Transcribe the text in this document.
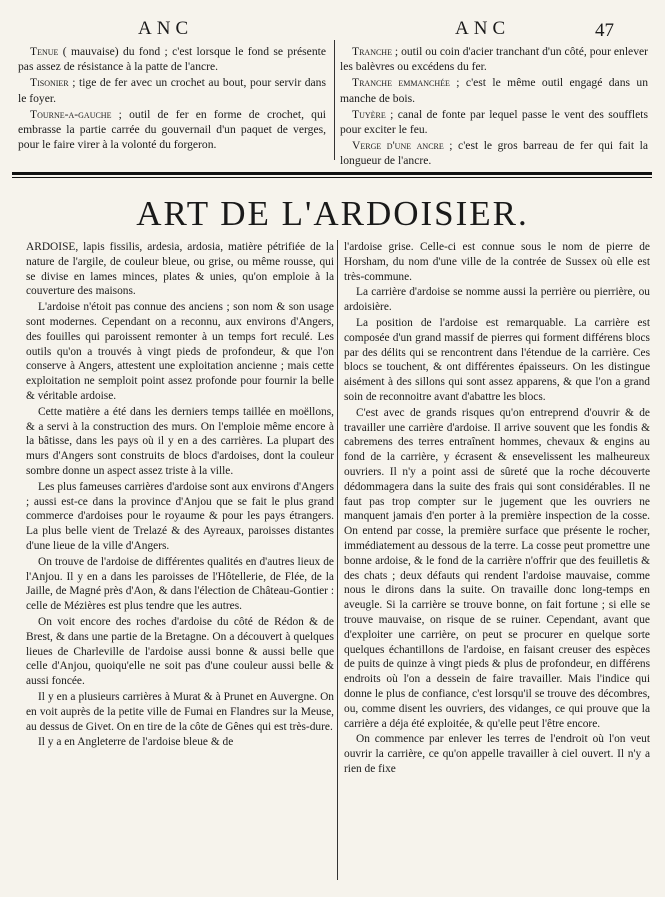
ANC	ANC	47

Tenue ( mauvaise) du fond ; c'est lorsque le fond se présente pas assez de résistance à la patte de l'ancre.

Tisonier ; tige de fer avec un crochet au bout, pour servir dans le foyer.

Tourne-a-gauche ; outil de fer en forme de crochet, qui embrasse la partie carrée du gouvernail d'un paquet de verges, pour le faire virer à la volonté du forgeron.

Tranche ; outil ou coin d'acier tranchant d'un côté, pour enlever les balèvres ou excédens du fer.

Tranche emmanchée ; c'est le même outil engagé dans un manche de bois.

Tuyère ; canal de fonte par lequel passe le vent des soufflets pour exciter le feu.

Verge d'une ancre ; c'est le gros barreau de fer qui fait la longueur de l'ancre.

ART DE L'ARDOISIER.

ARDOISE, lapis fissilis, ardesia, ardosia, matière pétrifiée de la nature de l'argile, de couleur bleue, ou grise, ou même rousse, qui se divise en lames minces, plates & unies, qu'on emploie à la couverture des maisons.

L'ardoise n'étoit pas connue des anciens ; son nom & son usage sont modernes. Cependant on a reconnu, aux environs d'Angers, des fouilles qui paroissent remonter à un temps fort reculé. Les outils qu'on a trouvés à vingt pieds de profondeur, & que l'on conserve à Angers, attestent une exploitation ancienne ; mais cette exploitation ne semploit point assez profonde pour fournir la belle & véritable ardoise.

Cette matière a été dans les derniers temps taillée en moëllons, & a servi à la construction des murs. On l'emploie même encore à la bâtisse, dans les pays où il y en a des carrières. La plupart des murs d'Angers sont construits de blocs d'ardoises, dont la couleur sombre donne un aspect assez triste à la ville.

Les plus fameuses carrières d'ardoise sont aux environs d'Angers ; aussi est-ce dans la province d'Anjou que se fait le plus grand commerce d'ardoises pour le royaume & pour les pays étrangers. La plus belle vient de Trelazé & des Ayreaux, paroisses distantes d'une lieue de la ville d'Angers.

On trouve de l'ardoise de différentes qualités en d'autres lieux de l'Anjou. Il y en a dans les paroisses de l'Hôtellerie, de Flée, de la Jaille, de Magné près d'Aon, & dans l'élection de Château-Gontier : celle de Mézières est plus tendre que les autres.

On voit encore des roches d'ardoise du côté de Rédon & de Brest, & dans une partie de la Bretagne. On a découvert à quelques lieues de Charleville de l'ardoise aussi bonne & aussi belle que celle d'Anjou, quoiqu'elle ne soit pas d'une couleur aussi belle & aussi foncée.

Il y en a plusieurs carrières à Murat & à Prunet en Auvergne. On en voit auprès de la petite ville de Fumai en Flandres sur la Meuse, au dessus de Givet. On en tire de la côte de Gênes qui est très-dure.

Il y a en Angleterre de l'ardoise bleue & de

l'ardoise grise. Celle-ci est connue sous le nom de pierre de Horsham, du nom d'une ville de la contrée de Sussex où elle est très-commune.

La carrière d'ardoise se nomme aussi la perrière ou pierrière, ou ardoisière.

La position de l'ardoise est remarquable. La carrière est composée d'un grand massif de pierres qui forment différens blocs par des délits qui se rencontrent dans l'étendue de la carrière. Ces blocs se touchent, & ont différentes épaisseurs. On les distingue aisément à des sillons qui sont assez apparens, & que l'on a grand soin de reconnoitre avant d'abattre les blocs.

C'est avec de grands risques qu'on entreprend d'ouvrir & de travailler une carrière d'ardoise. Il arrive souvent que les fondis & cabremens des terres entraînent hommes, chevaux & engins au fond de la carrière, y écrasent & ensevelissent les malheureux ouvriers. Il n'y a point assi de sûreté que la roche découverte dédommagera dans la suite des frais qui sont considérables. Il ne faut pas trop compter sur le jugement que les ouvriers ne manquent jamais d'en porter à la première inspection de la cosse. On entend par cosse, la première surface que présente le rocher, immédiatement au dessous de la terre. La cosse peut promettre une bonne ardoise, & le fond de la carrière n'offrir que des feuilletis & des chats ; deux défauts qui rendent l'ardoise mauvaise, comme nous le dirons dans la suite. On travaille donc long-temps en aveugle. Si la carrière se trouve bonne, on fait fortune ; si elle se trouve mauvaise, on risque de se ruiner. Cependant, avant que d'exploiter une carrière, on peut se procurer en quelque sorte quelques échantillons de l'ardoise, en faisant creuser des espèces de puits de quinze à vingt pieds & plus de profondeur, en différens endroits où l'on a dessein de faire travailler. Mais l'indice qui donne le plus de confiance, c'est lorsqu'il se trouve des décombres, ou, comme disent les ouvriers, des vidanges, ce qui prouve que la carrière a déja été exploitée, & qu'elle peut l'être encore.

On commence par enlever les terres de l'endroit où l'on veut ouvrir la carrière, ce qu'on appelle travailler à ciel ouvert. Il n'y a rien de fixe
